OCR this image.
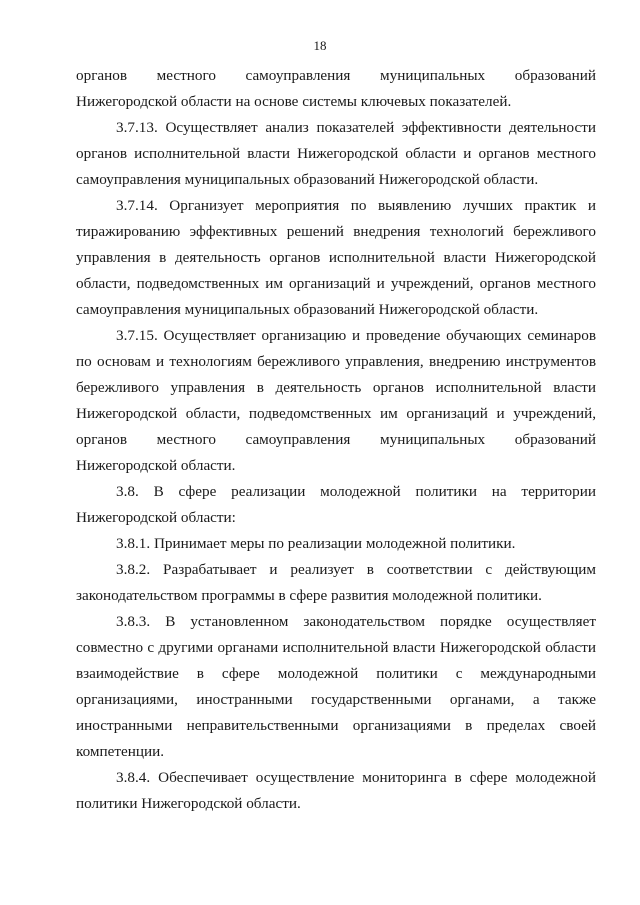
18

органов местного самоуправления муниципальных образований Нижегородской области на основе системы ключевых показателей.

3.7.13. Осуществляет анализ показателей эффективности деятельности органов исполнительной власти Нижегородской области и органов местного самоуправления муниципальных образований Нижегородской области.

3.7.14. Организует мероприятия по выявлению лучших практик и тиражированию эффективных решений внедрения технологий бережливого управления в деятельность органов исполнительной власти Нижегородской области, подведомственных им организаций и учреждений, органов местного самоуправления муниципальных образований Нижегородской области.

3.7.15. Осуществляет организацию и проведение обучающих семинаров по основам и технологиям бережливого управления, внедрению инструментов бережливого управления в деятельность органов исполнительной власти Нижегородской области, подведомственных им организаций и учреждений, органов местного самоуправления муниципальных образований Нижегородской области.

3.8. В сфере реализации молодежной политики на территории Нижегородской области:

3.8.1. Принимает меры по реализации молодежной политики.

3.8.2. Разрабатывает и реализует в соответствии с действующим законодательством программы в сфере развития молодежной политики.

3.8.3. В установленном законодательством порядке осуществляет совместно с другими органами исполнительной власти Нижегородской области взаимодействие в сфере молодежной политики с международными организациями, иностранными государственными органами, а также иностранными неправительственными организациями в пределах своей компетенции.

3.8.4. Обеспечивает осуществление мониторинга в сфере молодежной политики Нижегородской области.
